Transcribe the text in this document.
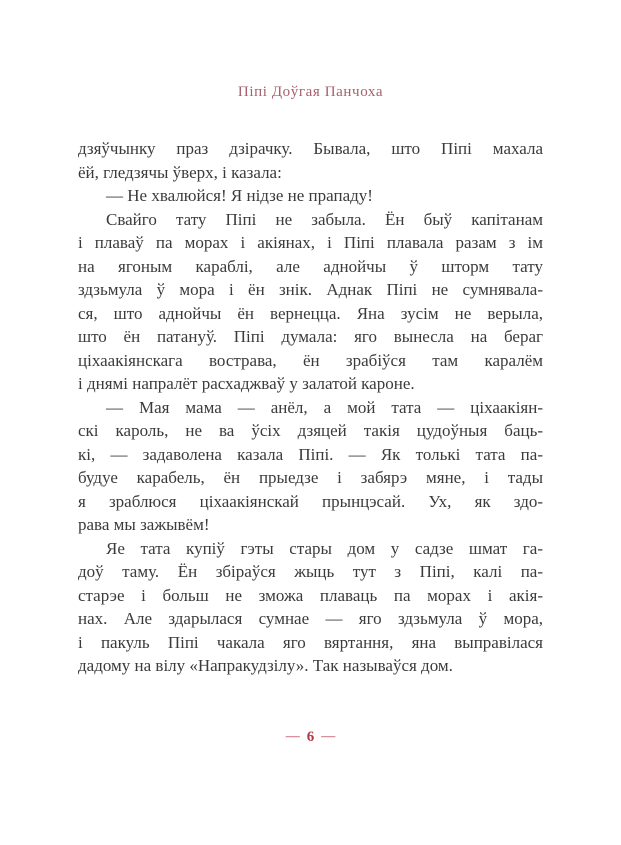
Піпі Доўгая Панчоха
дзяўчынку праз дзірачку. Бывала, што Піпі махала
ёй, гледзячы ўверх, і казала:
— Не хвалюйся! Я нідзе не прападу!
Свайго тату Піпі не забыла. Ён быў капітанам
і плаваў па морах і акіянах, і Піпі плавала разам з ім
на ягоным караблі, але аднойчы ў шторм тату
здзьмула ў мора і ён знік. Аднак Піпі не сумнявала-
ся, што аднойчы ён вернецца. Яна зусім не верыла,
што ён патануў. Піпі думала: яго вынесла на бераг
ціхаакіянскага вострава, ён зрабіўся там каралём
і днямі напралёт расхаджваў у залатой кароне.
— Мая мама — анёл, а мой тата — ціхаакіян-
скі кароль, не ва ўсіх дзяцей такія цудоўныя баць-
кі, — задаволена казала Піпі. — Як толькі тата па-
будуе карабель, ён прыедзе і забярэ мяне, і тады
я зраблюся ціхаакіянскай прынцэсай. Ух, як здо-
рава мы зажывём!
Яе тата купіў гэты стары дом у садзе шмат га-
доў таму. Ён збіраўся жыць тут з Піпі, калі па-
старэе і больш не зможа плаваць па морах і акія-
нах. Але здарылася сумнае — яго здзьмула ў мора,
і пакуль Піпі чакала яго вяртання, яна выправілася
дадому на вілу «Напракудзілу». Так называўся дом.
— 6 —
